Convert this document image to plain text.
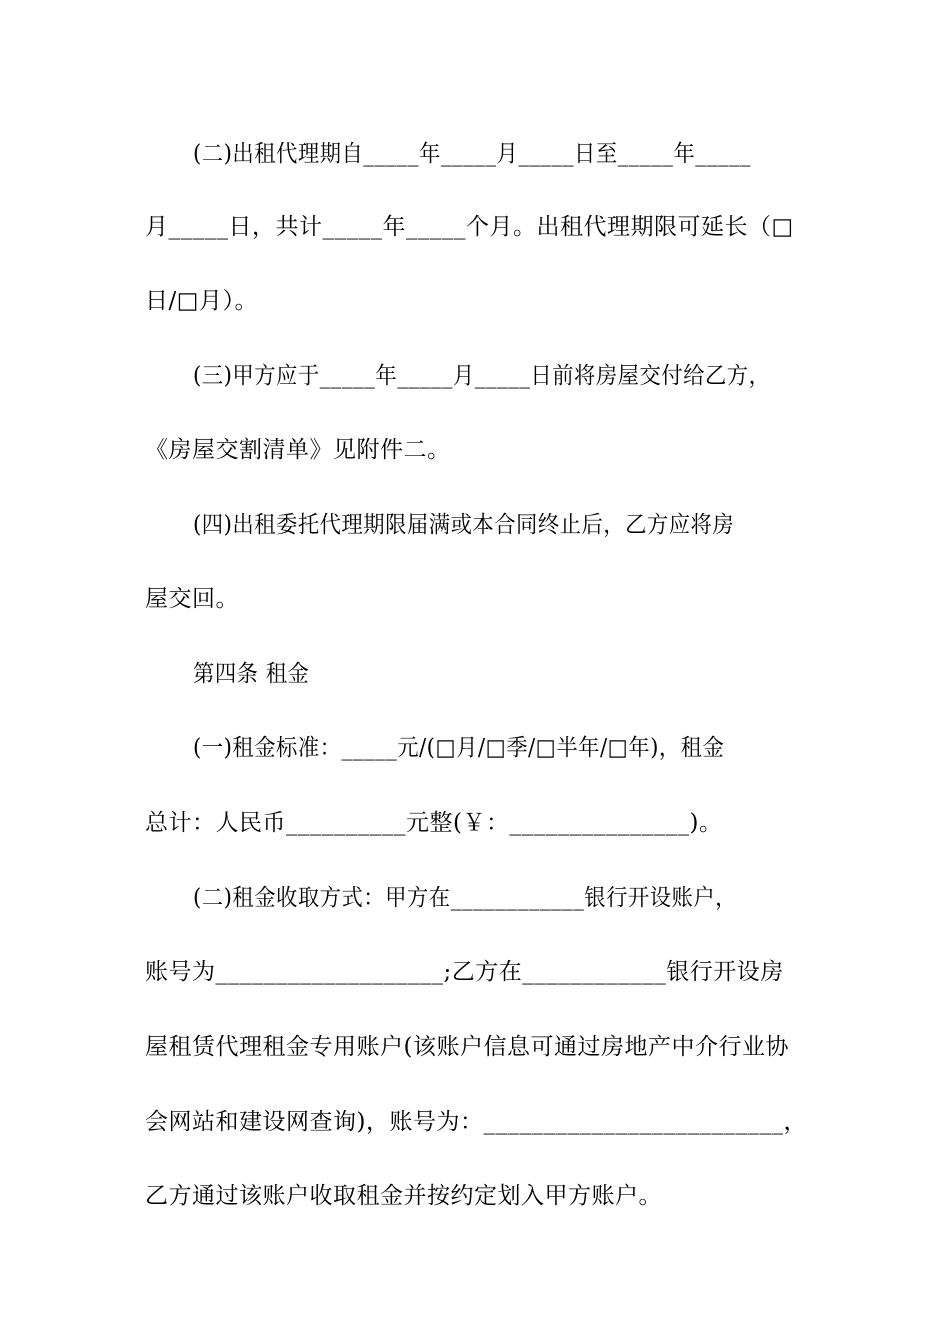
(二)出租代理期自_____年_____月_____日至_____年_____
月_____日，共计_____年_____个月。出租代理期限可延长（□
日/□月）。
(三)甲方应于_____年_____月_____日前将房屋交付给乙方，
《房屋交割清单》见附件二。
(四)出租委托代理期限届满或本合同终止后，乙方应将房
屋交回。
第四条 租金
(一)租金标准：_____元/(□月/□季/□半年/□年)，租金
总计：人民币__________元整(￥：_______________)。
(二)租金收取方式：甲方在____________银行开设账户，
账号为___________________;乙方在____________银行开设房
屋租赁代理租金专用账户(该账户信息可通过房地产中介行业协
会网站和建设网查询)，账号为：_________________________，
乙方通过该账户收取租金并按约定划入甲方账户。
